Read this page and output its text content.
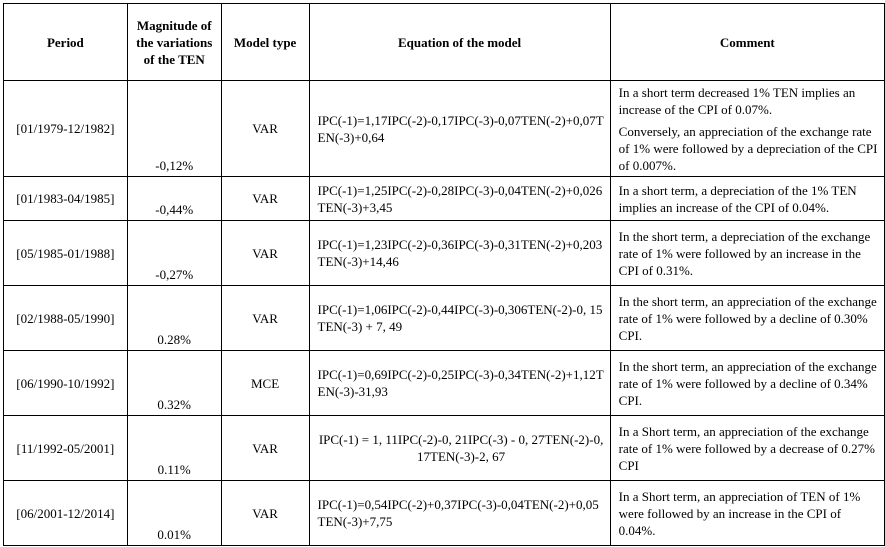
Period	Magnitude of the variations of the TEN	Model type	Equation of the model	Comment
[01/1979-12/1982]	-0,12%	VAR	IPC(-1)=1,17IPC(-2)-0,17IPC(-3)-0,07TEN(-2)+0,07TEN(-3)+0,64	In a short term decreased 1% TEN implies an increase of the CPI of 0.07%.

Conversely, an appreciation of the exchange rate of 1% were followed by a depreciation of the CPI of 0.007%.

[01/1983-04/1985]	-0,44%	VAR	IPC(-1)=1,25IPC(-2)-0,28IPC(-3)-0,04TEN(-2)+0,026TEN(-3)+3,45	In a short term, a depreciation of the 1% TEN implies an increase of the CPI of 0.04%.

[05/1985-01/1988]	-0,27%	VAR	IPC(-1)=1,23IPC(-2)-0,36IPC(-3)-0,31TEN(-2)+0,203TEN(-3)+14,46	In the short term, a depreciation of the exchange rate of 1% were followed by an increase in the CPI of 0.31%.

[02/1988-05/1990]	0.28%	VAR	IPC(-1)=1,06IPC(-2)-0,44IPC(-3)-0,306TEN(-2)-0, 15TEN(-3) + 7, 49	In the short term, an appreciation of the exchange rate of 1% were followed by a decline of 0.30% CPI.

[06/1990-10/1992]	0.32%	MCE	IPC(-1)=0,69IPC(-2)-0,25IPC(-3)-0,34TEN(-2)+1,12TEN(-3)-31,93	In the short term, an appreciation of the exchange rate of 1% were followed by a decline of 0.34% CPI.

[11/1992-05/2001]	0.11%	VAR	IPC(-1) = 1, 11IPC(-2)-0, 21IPC(-3) - 0, 27TEN(-2)-0, 17TEN(-3)-2, 67	In a Short term, an appreciation of the exchange rate of 1% were followed by a decrease of 0.27% CPI

[06/2001-12/2014]	0.01%	VAR	IPC(-1)=0,54IPC(-2)+0,37IPC(-3)-0,04TEN(-2)+0,05TEN(-3)+7,75	In a Short term, an appreciation of TEN of 1% were followed by an increase in the CPI of 0.04%.
